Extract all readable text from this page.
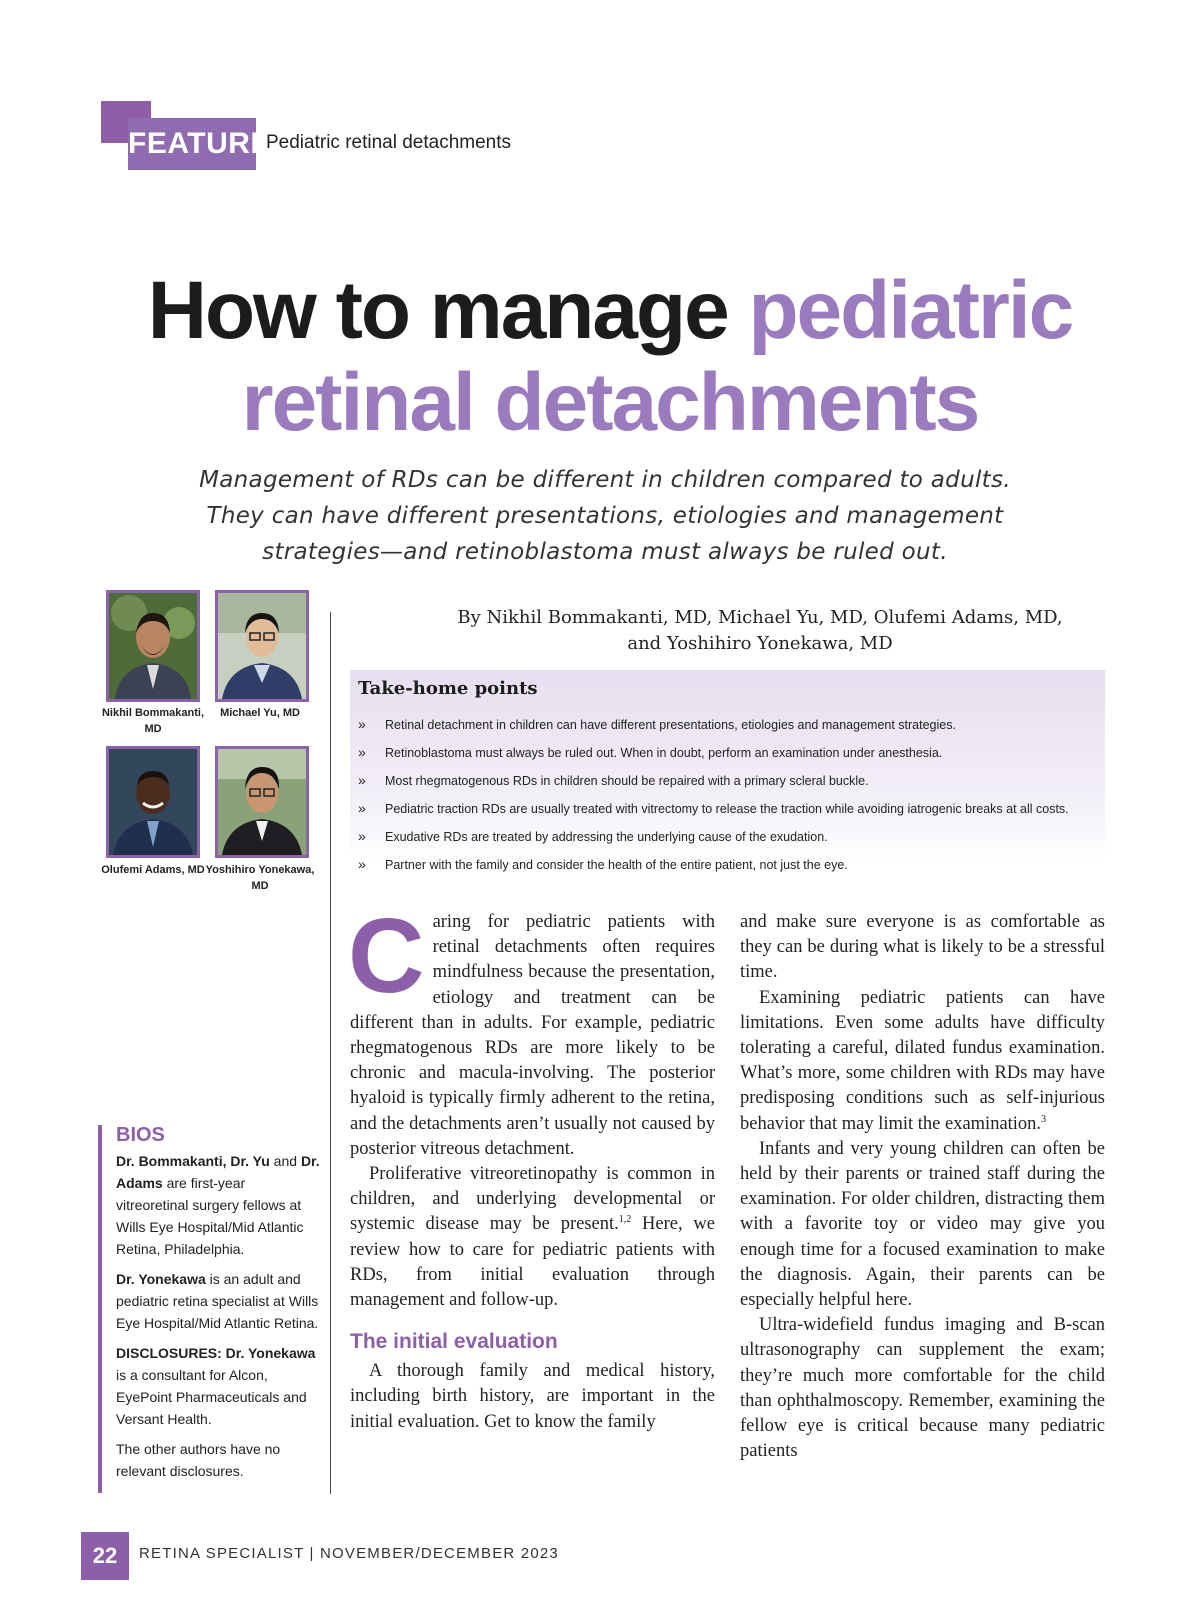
FEATURE
Pediatric retinal detachments
How to manage pediatric
retinal detachments
Management of RDs can be different in children compared to adults.
They can have different presentations, etiologies and management
strategies—and retinoblastoma must always be ruled out.
Nikhil Bommakanti, MD
Michael Yu, MD
Olufemi Adams, MD Yoshihiro Yonekawa, MD
By Nikhil Bommakanti, MD, Michael Yu, MD, Olufemi Adams, MD,
and Yoshihiro Yonekawa, MD
Take-home points
» Retinal detachment in children can have different presentations, etiologies and management strategies.
» Retinoblastoma must always be ruled out. When in doubt, perform an examination under anesthesia.
» Most rhegmatogenous RDs in children should be repaired with a primary scleral buckle.
» Pediatric traction RDs are usually treated with vitrectomy to release the traction while avoiding iatrogenic breaks at all costs.
» Exudative RDs are treated by addressing the underlying cause of the exudation.
» Partner with the family and consider the health of the entire patient, not just the eye.

Caring for pediatric patients with retinal detachments often requires mindfulness because the presentation, etiology and treatment can be different than in adults. For example, pediatric rhegmatogenous RDs are more likely to be chronic and macula-involving. The posterior hyaloid is typically firmly adherent to the retina, and the detachments aren’t usually not caused by posterior vitreous detachment.

Proliferative vitreoretinopathy is common in children, and underlying developmental or systemic disease may be present.$^{1,2}$ Here, we review how to care for pediatric patients with RDs, from initial evaluation through management and follow-up.

The initial evaluation

A thorough family and medical history, including birth history, are important in the initial evaluation. Get to know the family

and make sure everyone is as comfortable as they can be during what is likely to be a stressful time.

Examining pediatric patients can have limitations. Even some adults have difficulty tolerating a careful, dilated fundus examination. What’s more, some children with RDs may have predisposing conditions such as self-injurious behavior that may limit the examination.$^3$

Infants and very young children can often be held by their parents or trained staff during the examination. For older children, distracting them with a favorite toy or video may give you enough time for a focused examination to make the diagnosis. Again, their parents can be especially helpful here.

Ultra-widefield fundus imaging and B-scan ultrasonography can supplement the exam; they’re much more comfortable for the child than ophthalmoscopy. Remember, examining the fellow eye is critical because many pediatric patients

BIOS

Dr. Bommakanti, Dr. Yu and Dr. Adams are first-year vitreoretinal surgery fellows at Wills Eye Hospital/Mid Atlantic Retina, Philadelphia.

Dr. Yonekawa is an adult and pediatric retina specialist at Wills Eye Hospital/Mid Atlantic Retina.

DISCLOSURES: Dr. Yonekawa is a consultant for Alcon, EyePoint Pharmaceuticals and Versant Health.

The other authors have no relevant disclosures.

22	RETINA SPECIALIST | NOVEMBER/DECEMBER 2023
